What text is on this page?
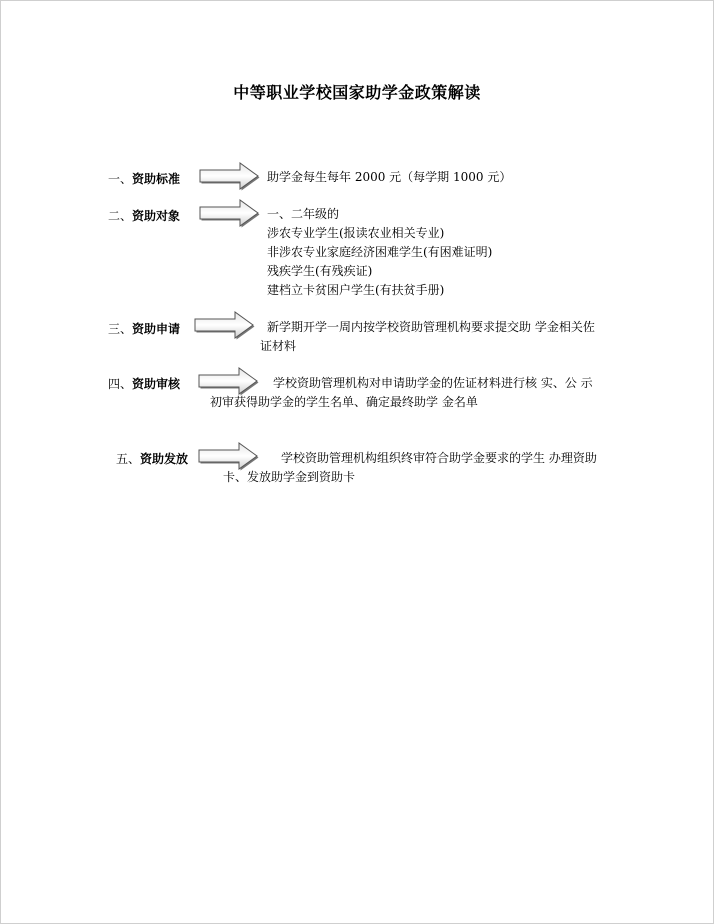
中等职业学校国家助学金政策解读
一、资助标准	助学金每生每年 2000 元（每学期 1000 元）
二、资助对象	一、二年级的
涉农专业学生(报读农业相关专业)
非涉农专业家庭经济困难学生(有困难证明)
残疾学生(有残疾证)
建档立卡贫困户学生(有扶贫手册)
三、资助申请	新学期开学一周内按学校资助管理机构要求提交助 学金相关佐
证材料
四、资助审核	学校资助管理机构对申请助学金的佐证材料进行核 实、公 示
初审获得助学金的学生名单、确定最终助学 金名单
五、资助发放	学校资助管理机构组织终审符合助学金要求的学生 办理资助
卡、发放助学金到资助卡
